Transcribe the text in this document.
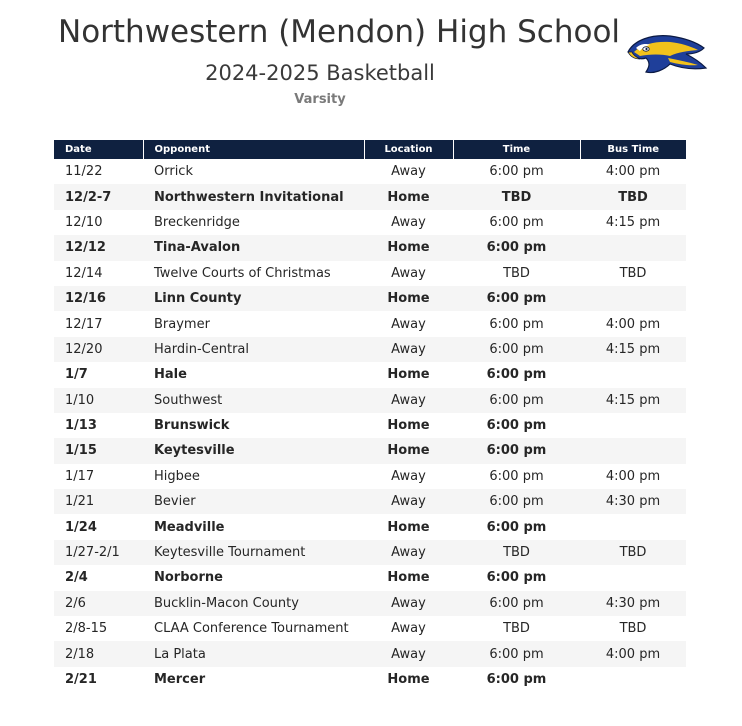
Northwestern (Mendon) High School
2024-2025 Basketball
Varsity
Date	Opponent	Location	Time	Bus Time
11/22	Orrick	Away	6:00 pm	4:00 pm
12/2-7	Northwestern Invitational	Home	TBD	TBD
12/10	Breckenridge	Away	6:00 pm	4:15 pm
12/12	Tina-Avalon	Home	6:00 pm	
12/14	Twelve Courts of Christmas	Away	TBD	TBD
12/16	Linn County	Home	6:00 pm	
12/17	Braymer	Away	6:00 pm	4:00 pm
12/20	Hardin-Central	Away	6:00 pm	4:15 pm
1/7	Hale	Home	6:00 pm	
1/10	Southwest	Away	6:00 pm	4:15 pm
1/13	Brunswick	Home	6:00 pm	
1/15	Keytesville	Home	6:00 pm	
1/17	Higbee	Away	6:00 pm	4:00 pm
1/21	Bevier	Away	6:00 pm	4:30 pm
1/24	Meadville	Home	6:00 pm	
1/27-2/1	Keytesville Tournament	Away	TBD	TBD
2/4	Norborne	Home	6:00 pm	
2/6	Bucklin-Macon County	Away	6:00 pm	4:30 pm
2/8-15	CLAA Conference Tournament	Away	TBD	TBD
2/18	La Plata	Away	6:00 pm	4:00 pm
2/21	Mercer	Home	6:00 pm	
